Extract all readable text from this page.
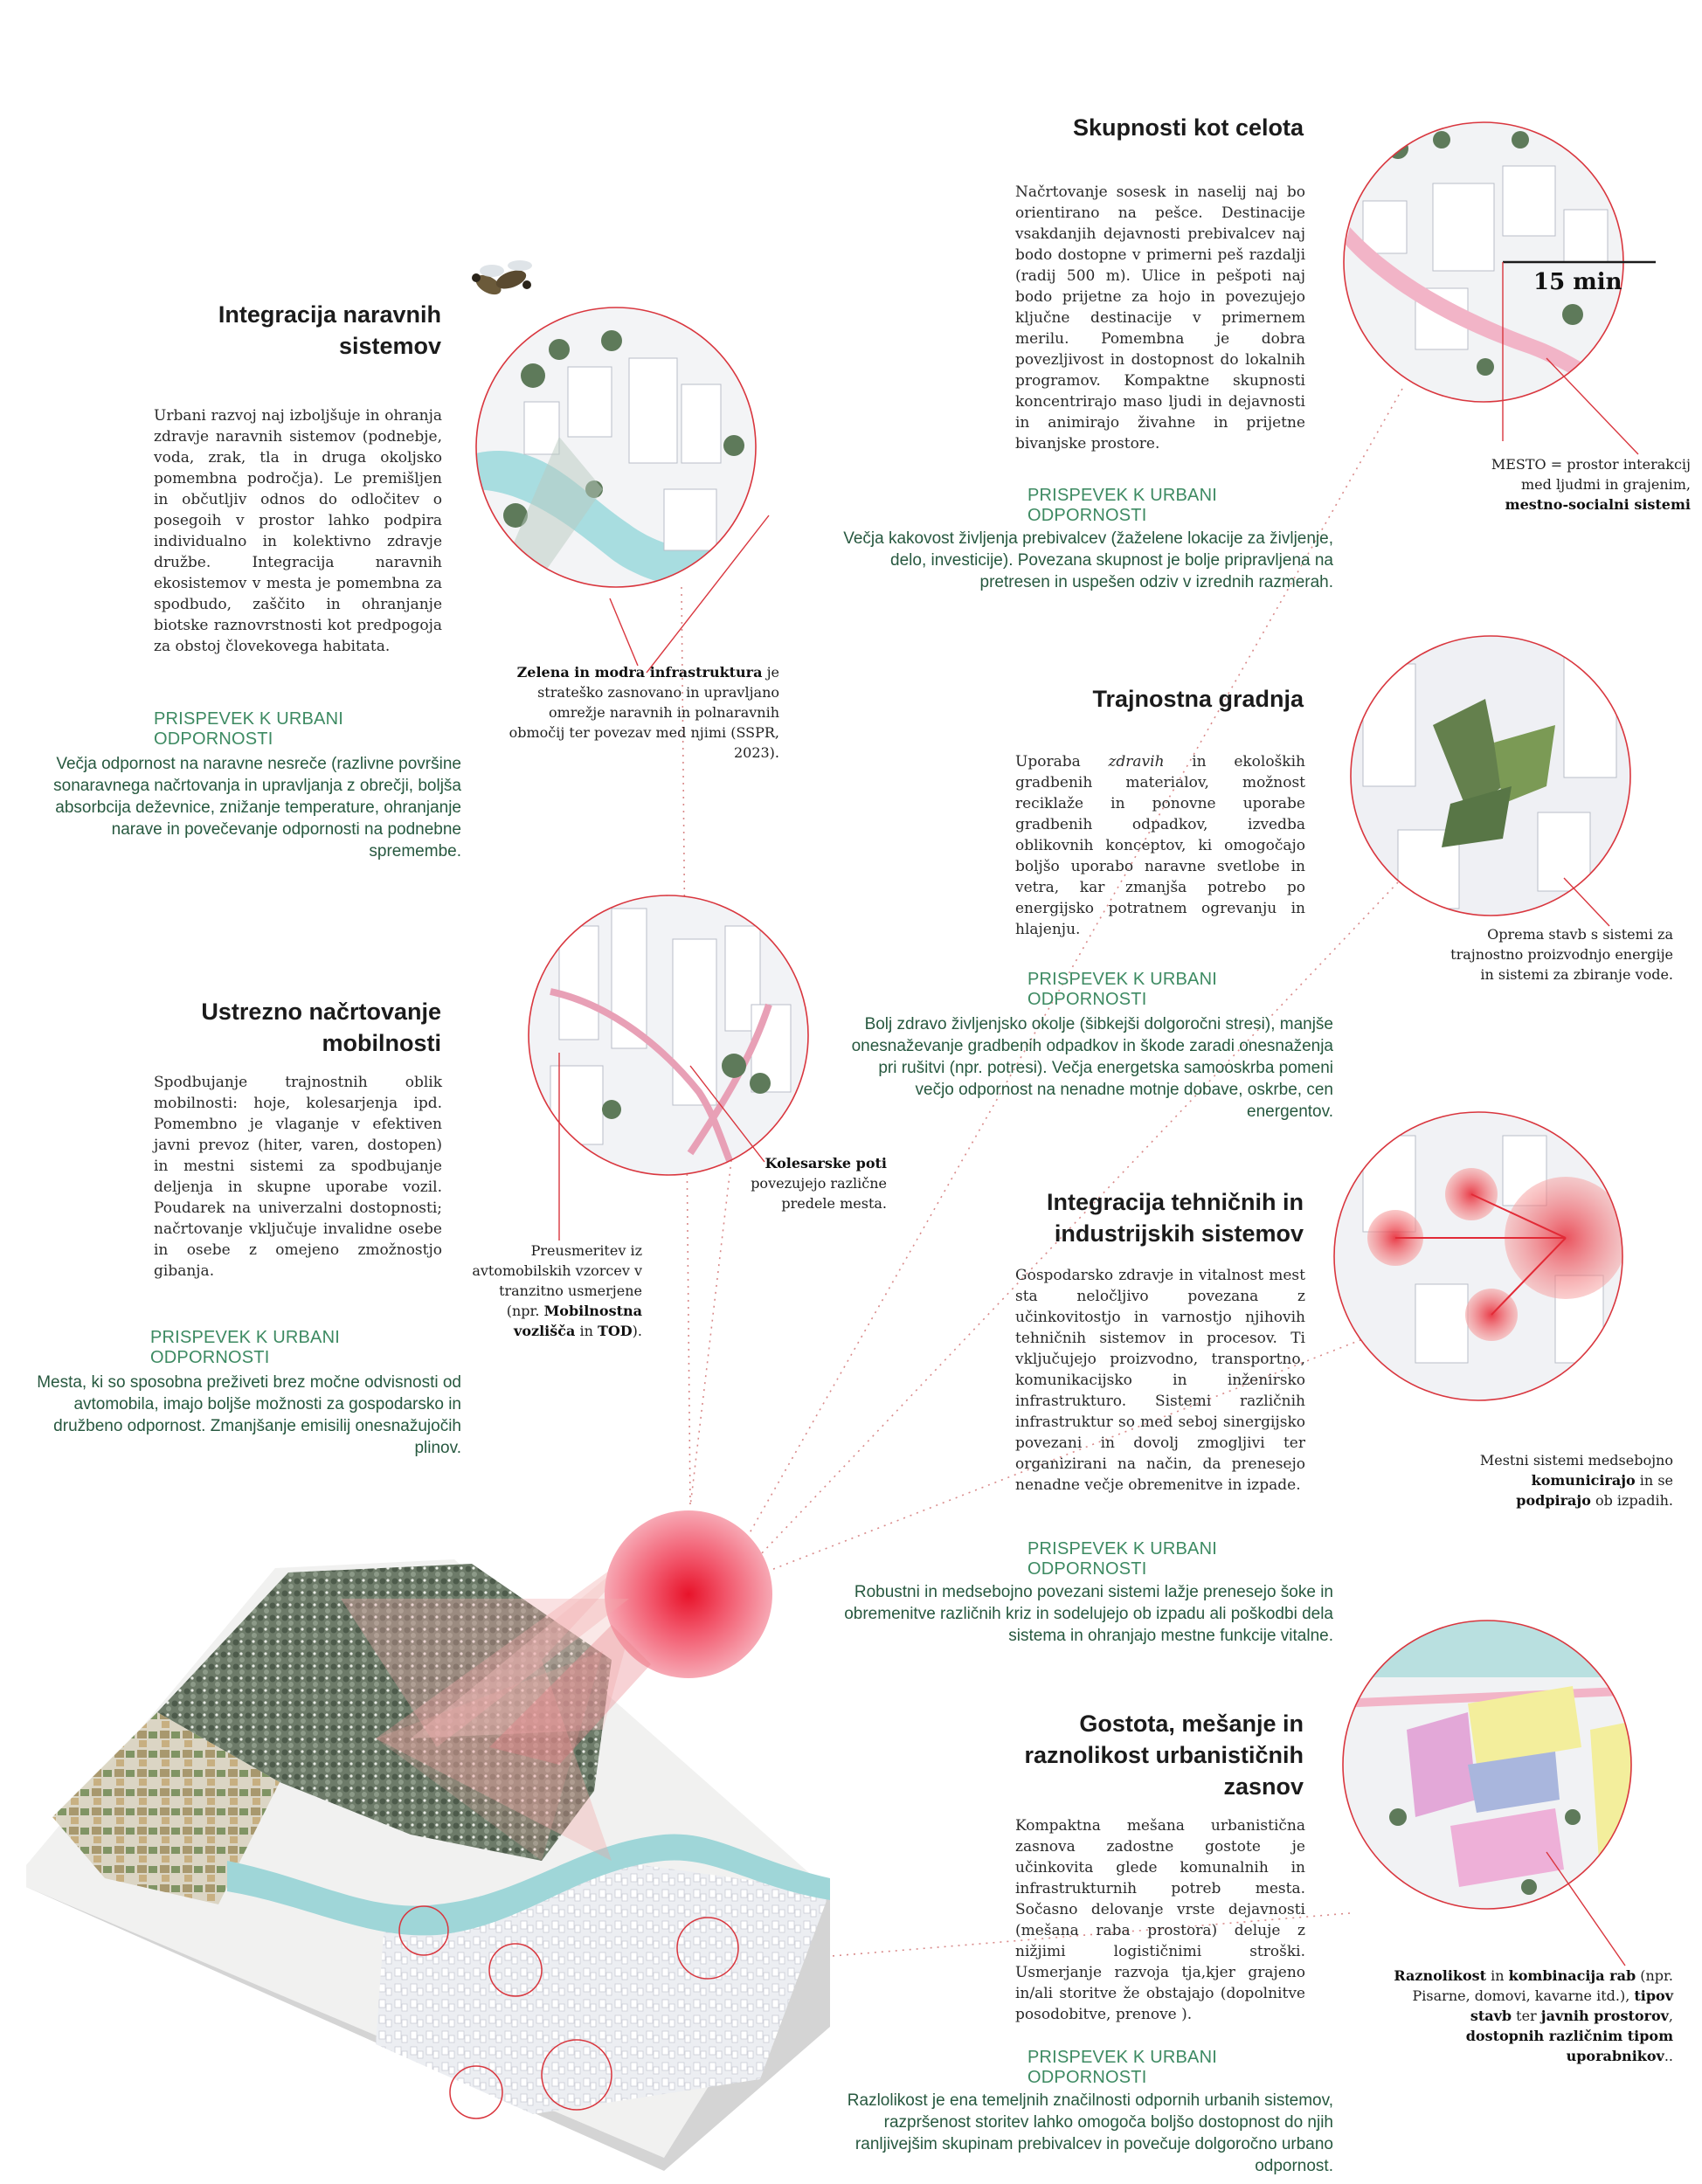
Integracija naravnih
sistemov
Urbani razvoj naj izboljšuje in ohranja zdravje naravnih sistemov (podnebje, voda, zrak, tla in druga okoljsko pomembna področja). Le premišljen in občutljiv odnos do odločitev o posegoih v prostor lahko podpira individualno in kolektivno zdravje družbe. Integracija naravnih ekosistemov v mesta je pomembna za spodbudo, zaščito in ohranjanje biotske raznovrstnosti kot predpogoja za obstoj človekovega habitata.
PRISPEVEK K URBANI ODPORNOSTI
Večja odpornost na naravne nesreče (razlivne površine sonaravnega načrtovanja in upravljanja z obrečji, boljša absorbcija deževnice, znižanje temperature, ohranjanje narave in povečevanje odpornosti na podnebne spremembe.
Zelena in modra infrastruktura je strateško zasnovano in upravljano omrežje naravnih in polnaravnih območij ter povezav med njimi (SSPR, 2023).
Ustrezno načrtovanje
mobilnosti
Spodbujanje trajnostnih oblik mobilnosti: hoje, kolesarjenja ipd. Pomembno je vlaganje v efektiven javni prevoz (hiter, varen, dostopen) in mestni sistemi za spodbujanje deljenja in skupne uporabe vozil. Poudarek na univerzalni dostopnosti; načrtovanje vključuje invalidne osebe in osebe z omejeno zmožnostjo gibanja.
PRISPEVEK K URBANI ODPORNOSTI
Mesta, ki so sposobna preživeti brez močne odvisnosti od avtomobila, imajo boljše možnosti za gospodarsko in družbeno odpornost. Zmanjšanje emisilij onesnažujočih plinov.
Kolesarske poti
povezujejo različne predele mesta.
Preusmeritev iz avtomobilskih vzorcev v tranzitno usmerjene (npr. Mobilnostna vozlišča in TOD).
Skupnosti kot celota
Načrtovanje sosesk in naselij naj bo orientirano na pešce. Destinacije vsakdanjih dejavnosti prebivalcev naj bodo dostopne v primerni peš razdalji (radij 500 m). Ulice in pešpoti naj bodo prijetne za hojo in povezujejo ključne destinacije v primernem merilu. Pomembna je dobra povezljivost in dostopnost do lokalnih programov. Kompaktne skupnosti koncentrirajo maso ljudi in dejavnosti in animirajo živahne in prijetne bivanjske prostore.
PRISPEVEK K URBANI ODPORNOSTI
Večja kakovost življenja prebivalcev (žaželene lokacije za življenje, delo, investicije). Povezana skupnost je bolje pripravljena na pretresen in uspešen odziv v izrednih razmerah.
15 min
MESTO = prostor interakcij med ljudmi in grajenim,
mestno-socialni sistemi
Trajnostna gradnja
Uporaba zdravih in ekoloških gradbenih materialov, možnost reciklaže in ponovne uporabe gradbenih odpadkov, izvedba oblikovnih konceptov, ki omogočajo boljšo uporabo naravne svetlobe in vetra, kar zmanjša potrebo po energijsko potratnem ogrevanju in hlajenju.
PRISPEVEK K URBANI ODPORNOSTI
Bolj zdravo življenjsko okolje (šibkejši dolgoročni stresi), manjše onesnaževanje gradbenih odpadkov in škode zaradi onesnaženja pri rušitvi (npr. potresi). Večja energetska samooskrba pomeni večjo odpornost na nenadne motnje dobave, oskrbe, cen energentov.
Oprema stavb s sistemi za trajnostno proizvodnjo energije in sistemi za zbiranje vode.
Integracija tehničnih in
industrijskih sistemov
Gospodarsko zdravje in vitalnost mest sta neločljivo povezana z učinkovitostjo in varnostjo njihovih tehničnih sistemov in procesov. Ti vključujejo proizvodno, transportno, komunikacijsko in inženirsko infrastrukturo. Sistemi različnih infrastruktur so med seboj sinergijsko povezani in dovolj zmogljivi ter organizirani na način, da prenesejo nenadne večje obremenitve in izpade.
PRISPEVEK K URBANI ODPORNOSTI
Robustni in medsebojno povezani sistemi lažje prenesejo šoke in obremenitve različnih kriz in sodelujejo ob izpadu ali poškodbi dela sistema in ohranjajo mestne funkcije vitalne.
Mestni sistemi medsebojno
komunicirajo in se
podpirajo ob izpadih.
Gostota, mešanje in
raznolikost urbanističnih
zasnov
Kompaktna mešana urbanistična zasnova zadostne gostote je učinkovita glede komunalnih in infrastrukturnih potreb mesta. Sočasno delovanje vrste dejavnosti (mešana raba prostora) deluje z nižjimi logističnimi stroški. Usmerjanje razvoja tja,kjer grajeno in/ali storitve že obstajajo (dopolnitve posodobitve, prenove ).
PRISPEVEK K URBANI ODPORNOSTI
Razlolikost je ena temeljnih značilnosti odpornih urbanih sistemov, razpršenost storitev lahko omogoča boljšo dostopnost do njih ranljivejšim skupinam prebivalcev in povečuje dolgoročno urbano odpornost.
Raznolikost in kombinacija rab (npr. Pisarne, domovi, kavarne itd.), tipov stavb ter javnih prostorov, dostopnih različnim tipom uporabnikov..
